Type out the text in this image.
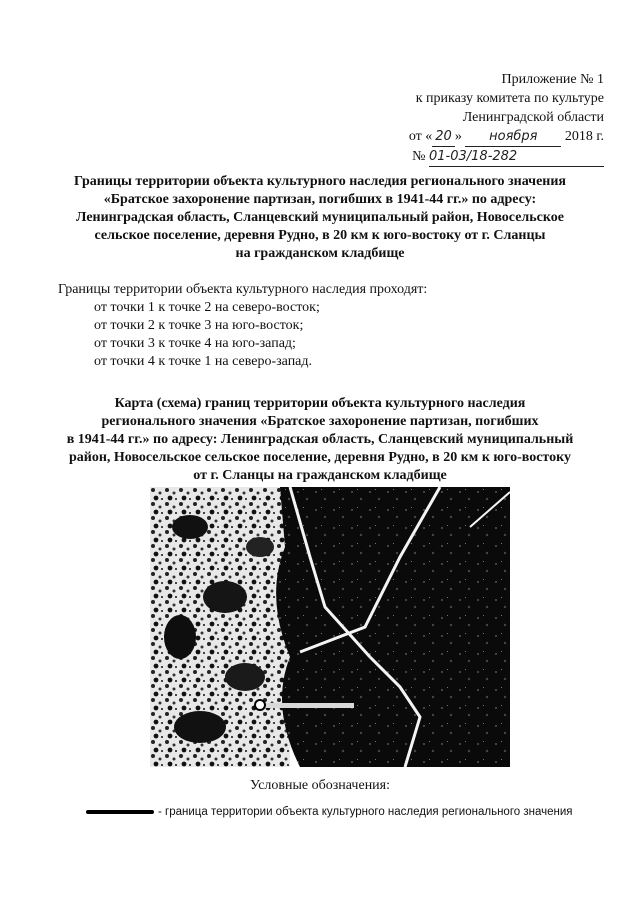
Приложение № 1
к приказу комитета по культуре
Ленинградской области
от « 20 » ноября 2018 г.
№ 01-03/18-282
Границы территории объекта культурного наследия регионального значения
«Братское захоронение партизан, погибших в 1941-44 гг.» по адресу:
Ленинградская область, Сланцевский муниципальный район, Новосельское
сельское поселение, деревня Рудно, в 20 км к юго-востоку от г. Сланцы
на гражданском кладбище
Границы территории объекта культурного наследия проходят:
от точки 1 к точке 2 на северо-восток;
от точки 2 к точке 3 на юго-восток;
от точки 3 к точке 4 на юго-запад;
от точки 4 к точке 1 на северо-запад.
Карта (схема) границ территории объекта культурного наследия
регионального значения «Братское захоронение партизан, погибших
в 1941-44 гг.» по адресу: Ленинградская область, Сланцевский муниципальный
район, Новосельское сельское поселение, деревня Рудно, в 20 км к юго-востоку
от г. Сланцы на гражданском кладбище
Условные обозначения:
- граница территории объекта культурного наследия регионального значения
